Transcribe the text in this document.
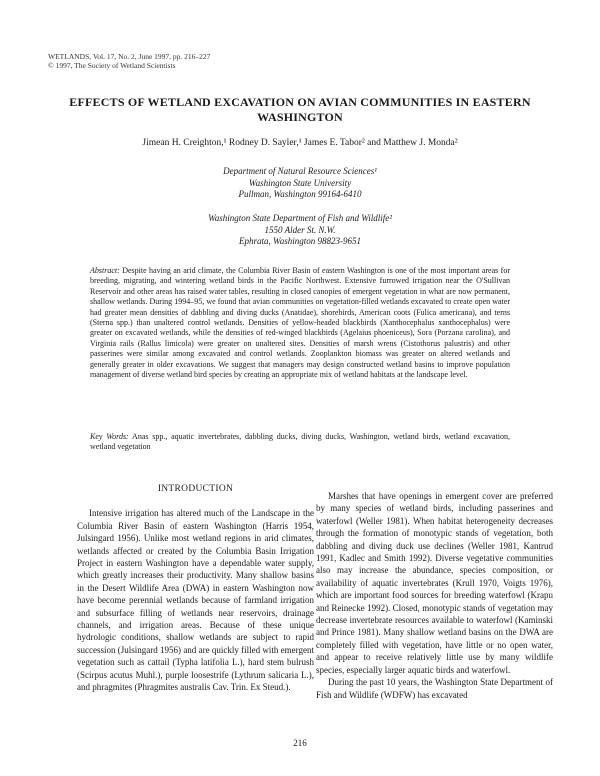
WETLANDS, Vol. 17, No. 2, June 1997, pp. 216–227
© 1997, The Society of Wetland Scientists
EFFECTS OF WETLAND EXCAVATION ON AVIAN COMMUNITIES IN EASTERN WASHINGTON
Jimean H. Creighton,¹ Rodney D. Sayler,¹ James E. Tabor² and Matthew J. Monda²
Department of Natural Resource Sciences¹
Washington State University
Pullman, Washington 99164-6410
Washington State Department of Fish and Wildlife²
1550 Alder St. N.W.
Ephrata, Washington 98823-9651
Abstract: Despite having an arid climate, the Columbia River Basin of eastern Washington is one of the most important areas for breeding, migrating, and wintering wetland birds in the Pacific Northwest. Extensive furrowed irrigation near the O'Sullivan Reservoir and other areas has raised water tables, resulting in closed canopies of emergent vegetation in what are now permanent, shallow wetlands. During 1994–95, we found that avian communities on vegetation-filled wetlands excavated to create open water had greater mean densities of dabbling and diving ducks (Anatidae), shorebirds, American coots (Fulica americana), and terns (Sterna spp.) than unaltered control wetlands. Densities of yellow-headed blackbirds (Xanthocephalus xanthocephalus) were greater on excavated wetlands, while the densities of red-winged blackbirds (Agelaius phoeniceus), Sora (Porzana carolina), and Virginia rails (Rallus limicola) were greater on unaltered sites. Densities of marsh wrens (Cistothorus palustris) and other passerines were similar among excavated and control wetlands. Zooplankton biomass was greater on altered wetlands and generally greater in older excavations. We suggest that managers may design constructed wetland basins to improve population management of diverse wetland bird species by creating an appropriate mix of wetland habitats at the landscape level.
Key Words: Anas spp., aquatic invertebrates, dabbling ducks, diving ducks, Washington, wetland birds, wetland excavation, wetland vegetation

INTRODUCTION

Intensive irrigation has altered much of the Landscape in the Columbia River Basin of eastern Washington (Harris 1954, Julsingard 1956). Unlike most wetland regions in arid climates, wetlands affected or created by the Columbia Basin Irrigation Project in eastern Washington have a dependable water supply, which greatly increases their productivity. Many shallow basins in the Desert Wildlife Area (DWA) in eastern Washington now have become perennial wetlands because of farmland irrigation and subsurface filling of wetlands near reservoirs, drainage channels, and irrigation areas. Because of these unique hydrologic conditions, shallow wetlands are subject to rapid succession (Julsingard 1956) and are quickly filled with emergent vegetation such as cattail (Typha latifolia L.), hard stem bulrush (Scirpus acutus Muhl.), purple loosestrife (Lythrum salicaria L.), and phragmites (Phragmites australis Cav. Trin. Ex Steud.).

Marshes that have openings in emergent cover are preferred by many species of wetland birds, including passerines and waterfowl (Weller 1981). When habitat heterogeneity decreases through the formation of monotypic stands of vegetation, both dabbling and diving duck use declines (Weller 1981, Kantrud 1991, Kadlec and Smith 1992). Diverse vegetative communities also may increase the abundance, species composition, or availability of aquatic invertebrates (Krull 1970, Voigts 1976), which are important food sources for breeding waterfowl (Krapu and Reinecke 1992). Closed, monotypic stands of vegetation may decrease invertebrate resources available to waterfowl (Kaminski and Prince 1981). Many shallow wetland basins on the DWA are completely filled with vegetation, have little or no open water, and appear to receive relatively little use by many wildlife species, especially larger aquatic birds and waterfowl.

During the past 10 years, the Washington State Department of Fish and Wildlife (WDFW) has excavated

216
